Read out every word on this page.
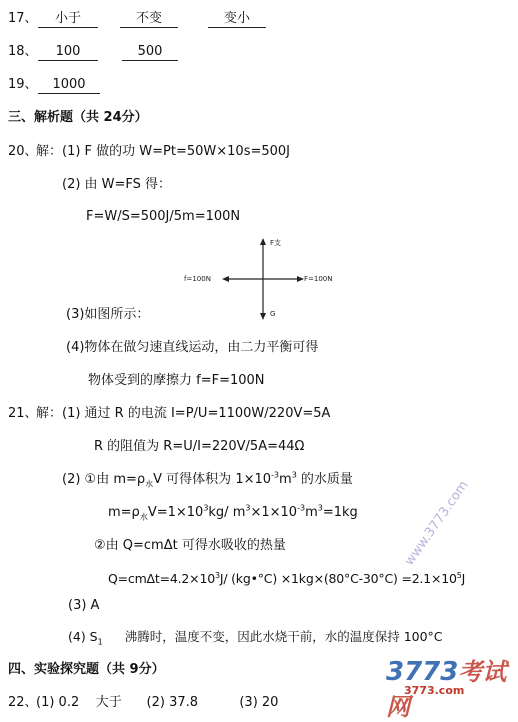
17、	小于	不变	变小
18、	100	500
19、	1000
三、解析题（共 24分）
20、
解：(1) F 做的功 W=Pt=50W×10s=500J
(2) 由 W=FS 得：
F=W/S=500J/5m=100N
F支
f=100N	F=100N
G
(3)如图所示：
(4)物体在做匀速直线运动，由二力平衡可得
物体受到的摩擦力 f=F=100N
21、
解：(1) 通过 R 的电流 I=P/U=1100W/220V=5A
R 的阻值为 R=U/I=220V/5A=44Ω
(2) ①由 $m=\rho_水V$ 可得体积为 $1\times 10^{-3}m^3$ 的水质量
$m=\rho_水V=1\times 10^3kg/$ $m^3\times 1\times 10^{-3}m^3=1kg$
②由 Q=cmΔt 可得水吸收的热量
$Q=cm\Delta t=4.2\times 10^3J/$ (kg•°C) $\times 1kg\times(80^\circ C-30^\circ C) =2.1\times 10^5J$
(3) A
(4) $S_1$ 沸腾时，温度不变，因此水烧干前，水的温度保持 100°C
四、实验探究题（共 9分）
22、
(1) 0.2    大于      (2) 37.8          (3) 20
www.3773.com
3773考试网
3773.com
